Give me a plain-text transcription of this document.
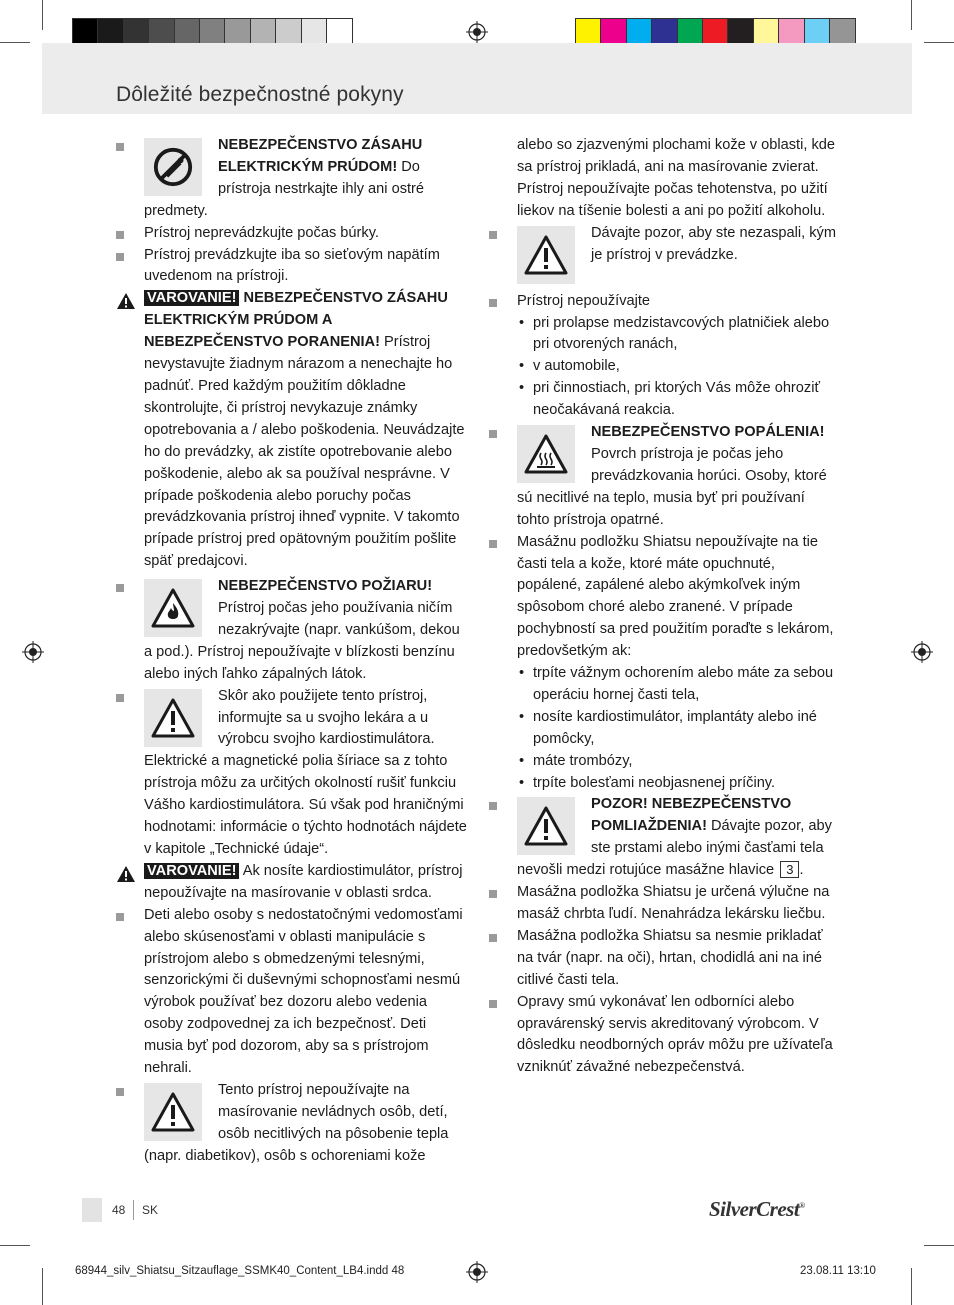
Dôležité bezpečnostné pokyny
NEBEZPEČENSTVO ZÁSAHU ELEKTRICKÝM PRÚDOM! Do prístroja nestrkajte ihly ani ostré predmety.
Prístroj neprevádzkujte počas búrky.
Prístroj prevádzkujte iba so sieťovým napätím uvedenom na prístroji.
VAROVANIE! NEBEZPEČENSTVO ZÁSAHU ELEKTRICKÝM PRÚDOM A NEBEZPEČENSTVO PORANENIA! Prístroj nevystavujte žiadnym nárazom a nenechajte ho padnúť. Pred každým použitím dôkladne skontrolujte, či prístroj nevykazuje známky opotrebovania a / alebo poškodenia. Neuvádzajte ho do prevádzky, ak zistíte opotrebovanie alebo poškodenie, alebo ak sa používal nesprávne. V prípade poškodenia alebo poruchy počas prevádzkovania prístroj ihneď vypnite. V takomto prípade prístroj pred opätovným použitím pošlite späť predajcovi.
NEBEZPEČENSTVO POŽIARU! Prístroj počas jeho používania ničím nezakrývajte (napr. vankúšom, dekou a pod.). Prístroj nepoužívajte v blízkosti benzínu alebo iných ľahko zápalných látok.
Skôr ako použijete tento prístroj, informujte sa u svojho lekára a u výrobcu svojho kardiostimulátora. Elektrické a magnetické polia šíriace sa z tohto prístroja môžu za určitých okolností rušiť funkciu Vášho kardiostimulátora. Sú však pod hraničnými hodnotami: informácie o týchto hodnotách nájdete v kapitole „Technické údaje“.
VAROVANIE! Ak nosíte kardiostimulátor, prístroj nepoužívajte na masírovanie v oblasti srdca.
Deti alebo osoby s nedostatočnými vedomosťami alebo skúsenosťami v oblasti manipulácie s prístrojom alebo s obmedzenými telesnými, senzorickými či duševnými schopnosťami nesmú výrobok používať bez dozoru alebo vedenia osoby zodpovednej za ich bezpečnosť. Deti musia byť pod dozorom, aby sa s prístrojom nehrali.
Tento prístroj nepoužívajte na masírovanie nevládnych osôb, detí, osôb necitlivých na pôsobenie tepla (napr. diabetikov), osôb s ochoreniami kože
alebo so zjazvenými plochami kože v oblasti, kde sa prístroj prikladá, ani na masírovanie zvierat. Prístroj nepoužívajte počas tehotenstva, po užití liekov na tíšenie bolesti a ani po požití alkoholu.
Dávajte pozor, aby ste nezaspali, kým je prístroj v prevádzke.
Prístroj nepoužívajte
• pri prolapse medzistavcových platničiek alebo pri otvorených ranách,
• v automobile,
• pri činnostiach, pri ktorých Vás môže ohroziť neočakávaná reakcia.
NEBEZPEČENSTVO POPÁLENIA! Povrch prístroja je počas jeho prevádzkovania horúci. Osoby, ktoré sú necitlivé na teplo, musia byť pri používaní tohto prístroja opatrné.
Masážnu podložku Shiatsu nepoužívajte na tie časti tela a kože, ktoré máte opuchnuté, popálené, zapálené alebo akýmkoľvek iným spôsobom choré alebo zranené. V prípade pochybností sa pred použitím poraďte s lekárom, predovšetkým ak:
• trpíte vážnym ochorením alebo máte za sebou operáciu hornej časti tela,
• nosíte kardiostimulátor, implantáty alebo iné pomôcky,
• máte trombózy,
• trpíte bolesťami neobjasnenej príčiny.
POZOR! NEBEZPEČENSTVO POMLIAŽDENIA! Dávajte pozor, aby ste prstami alebo inými časťami tela nevošli medzi rotujúce masážne hlavice 3 .
Masážna podložka Shiatsu je určená výlučne na masáž chrbta ľudí. Nenahrádza lekársku liečbu.
Masážna podložka Shiatsu sa nesmie prikladať na tvár (napr. na oči), hrtan, chodidlá ani na iné citlivé časti tela.
Opravy smú vykonávať len odborníci alebo opravárenský servis akreditovaný výrobcom. V dôsledku neodborných opráv môžu pre užívateľa vzniknúť závažné nebezpečenstvá.
48 SK	SilverCrest®
68944_silv_Shiatsu_Sitzauflage_SSMK40_Content_LB4.indd 48	23.08.11 13:10
